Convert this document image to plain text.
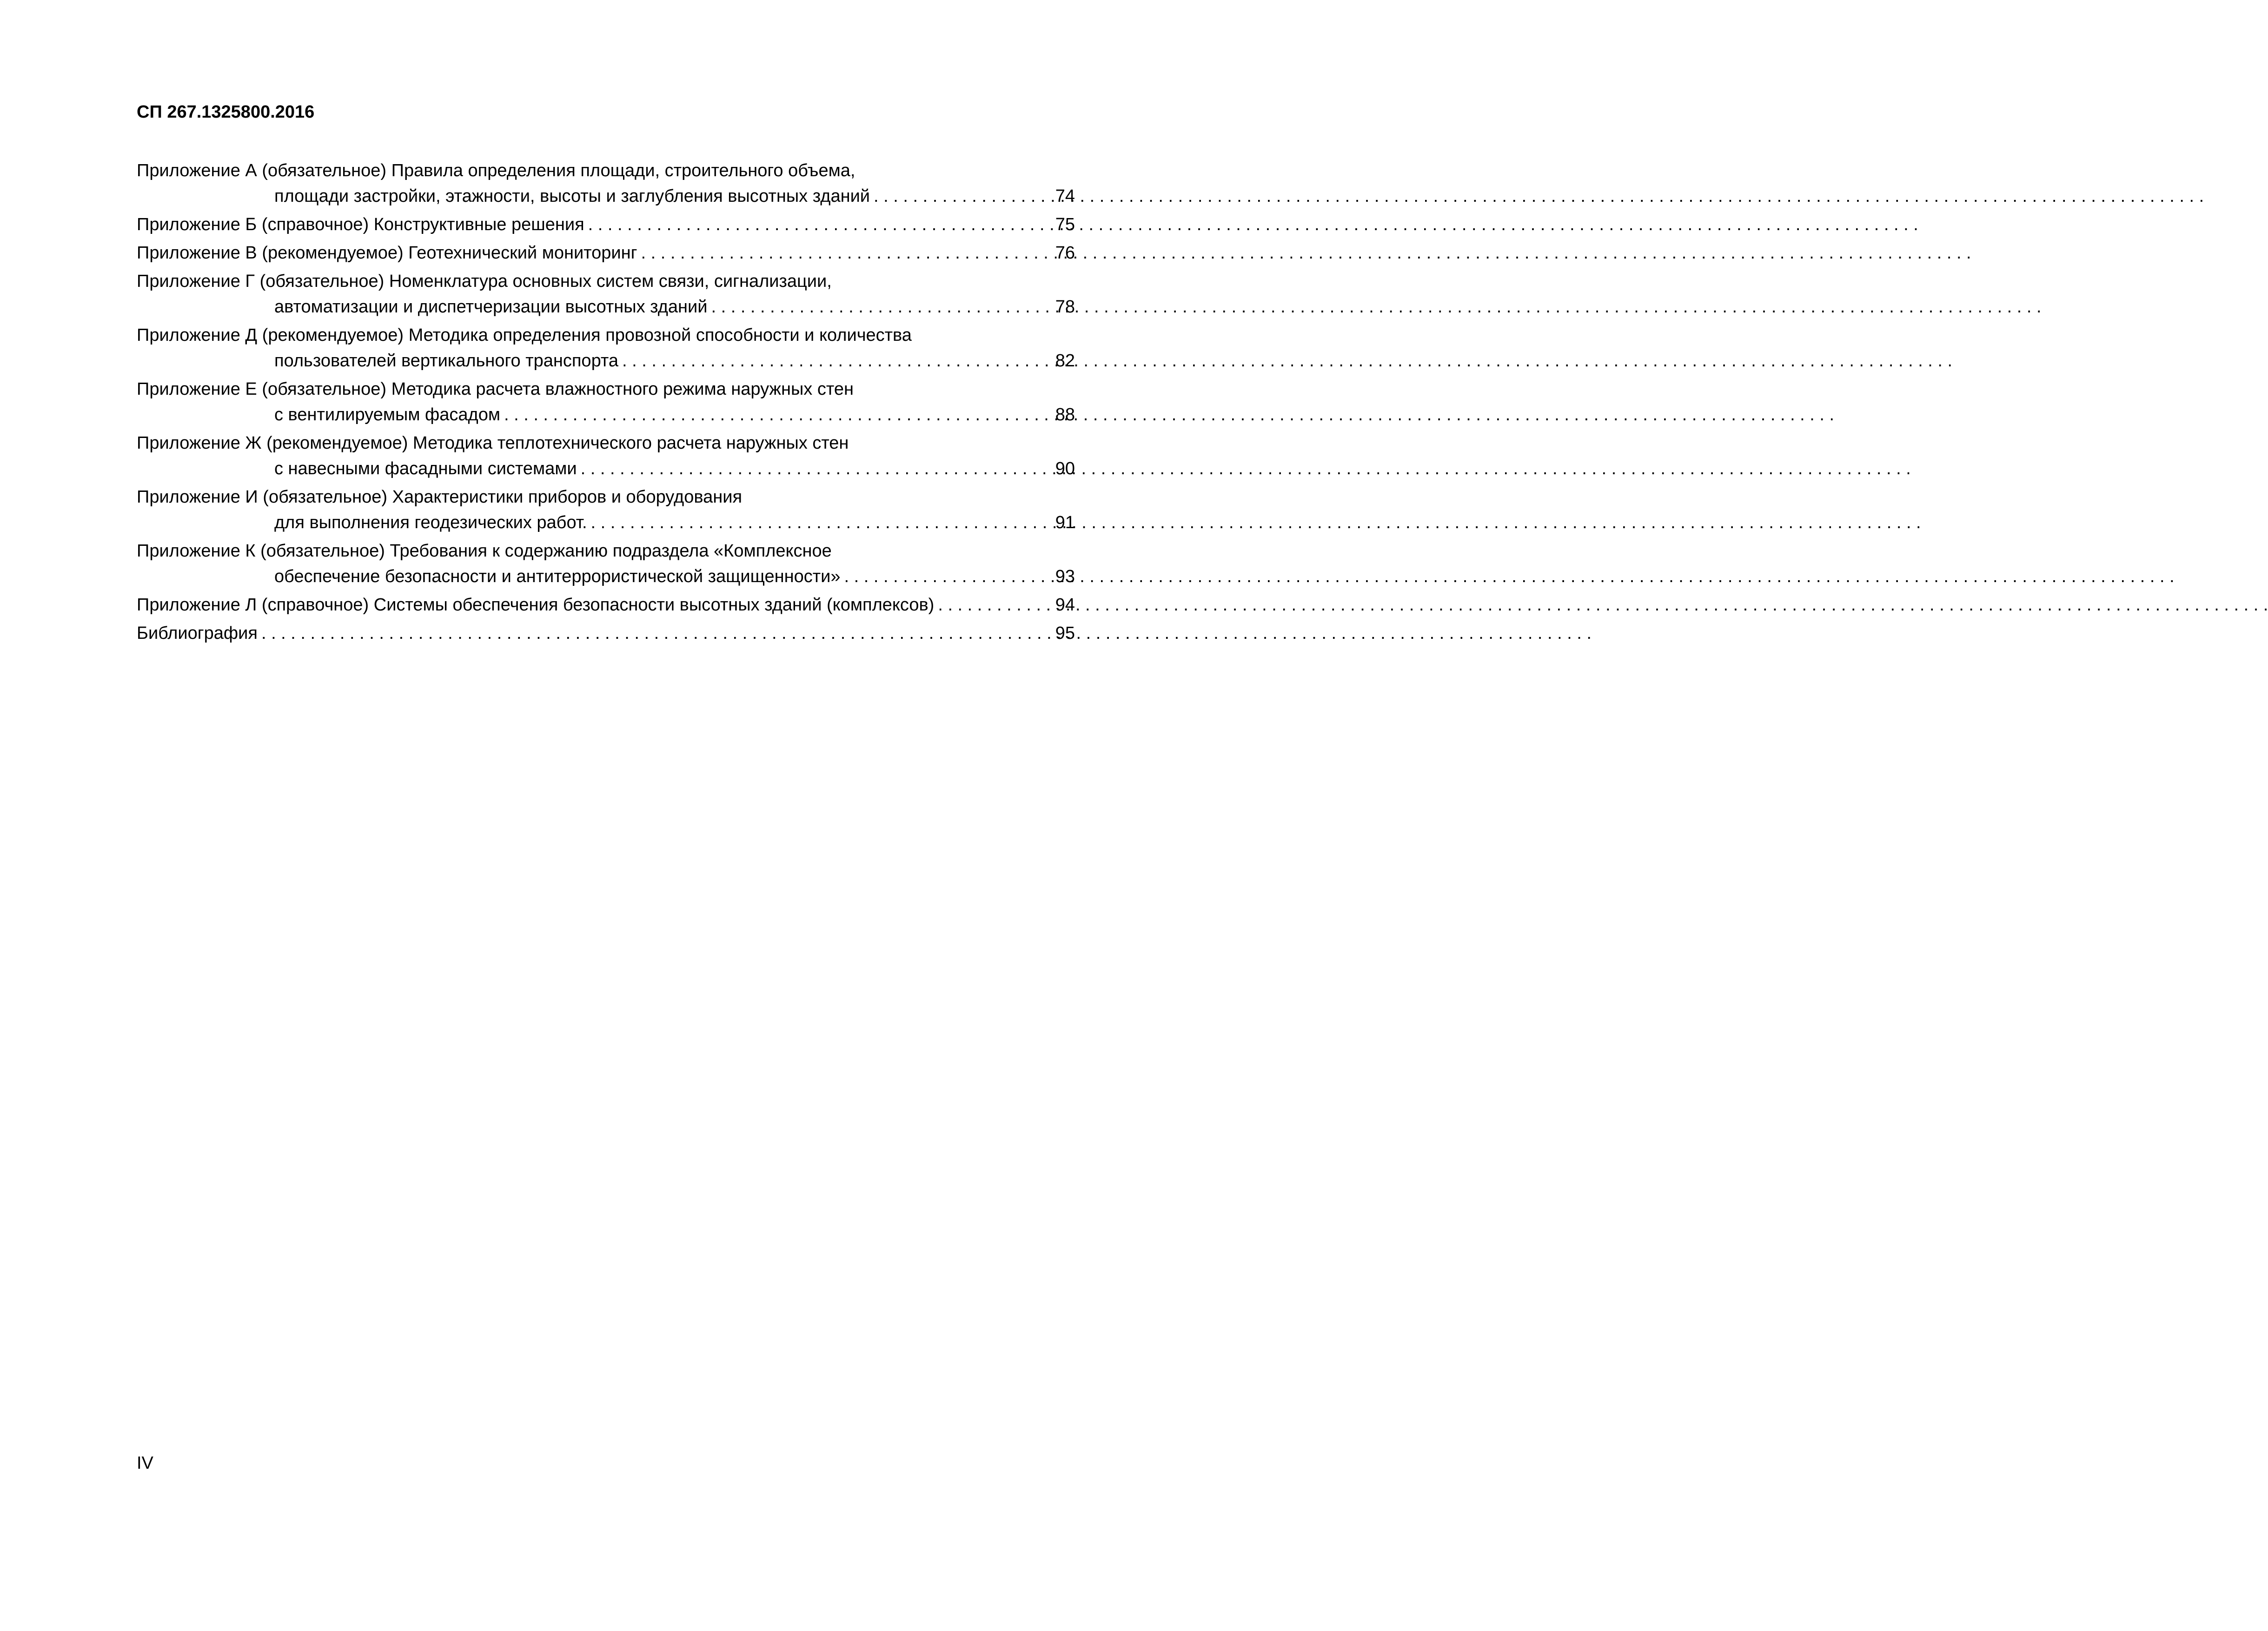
СП 267.1325800.2016
Приложение А (обязательное) Правила определения площади, строительного объема,
площади застройки, этажности, высоты и заглубления высотных зданий . . .	74
Приложение Б (справочное) Конструктивные решения . . .	75
Приложение В (рекомендуемое) Геотехнический мониторинг . . .	76
Приложение Г (обязательное) Номенклатура основных систем связи, сигнализации,
автоматизации и диспетчеризации высотных зданий . . .	78
Приложение Д (рекомендуемое) Методика определения провозной способности и количества
пользователей вертикального транспорта . . .	82
Приложение Е (обязательное) Методика расчета влажностного режима наружных стен
с вентилируемым фасадом . . .	88
Приложение Ж (рекомендуемое) Методика теплотехнического расчета наружных стен
с навесными фасадными системами . . .	90
Приложение И (обязательное) Характеристики приборов и оборудования
для выполнения геодезических работ. . . .	91
Приложение К (обязательное) Требования к содержанию подраздела «Комплексное
обеспечение безопасности и антитеррористической защищенности» . . .	93
Приложение Л (справочное) Системы обеспечения безопасности высотных зданий (комплексов) . . .	94
Библиография . . .	95
IV
